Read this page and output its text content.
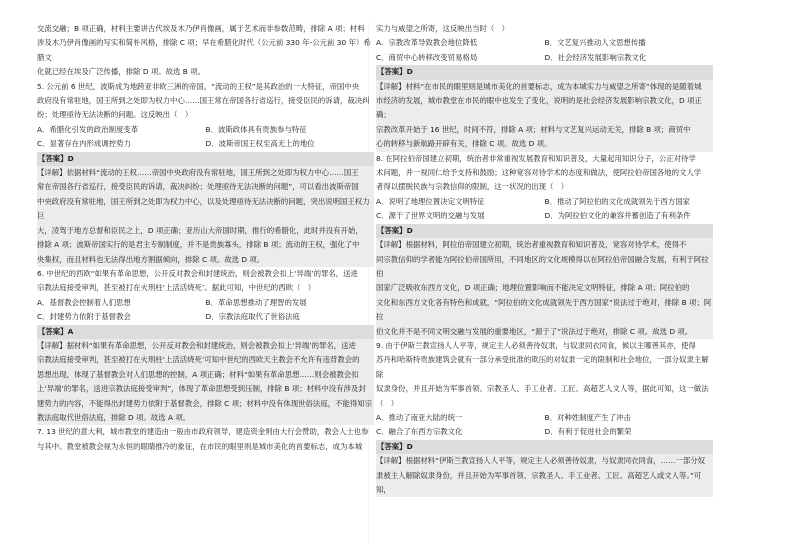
交流交融；B 项正确，材料主要讲古代埃及木乃伊肖像画，属于艺术而非参数范畴，排除 A 项；材料

涉及木乃伊肖像画的写实和简朴风格，排除 C 项；早在希腊化时代（公元前 330 年-公元前 30 年）希腊文

化就已经在埃及广泛传播，排除 D 项。故选 B 项。

5. 公元前 6 世纪，波斯成为地跨亚非欧三洲的帝国。“流动的王权”是其政治的一大特征，帝国中央

政府没有常驻地，国王所到之处即为权力中心……国王常在帝国各行省巡行，接受臣民的诉请，裁决纠

纷；处理亟待无法决断的问题。这反映出（　）

A．希腊化引发的政治制度变革	B．波斯政体具有贵族参与特征
C．显著存在内形成调控势力	D．波斯帝国王权至高无上的地位

【答案】D

【详解】依据材料“流动的王权……帝国中央政府没有常驻地，国王所到之处即为权力中心……国王

常在帝国各行省巡行，接受臣民的诉请，裁决纠纷；处理亟待无法决断的问题”，可以看出波斯帝国

中央政府没有常驻地，国王所到之处即为权力中心，以及处理亟待无法决断的问题，突出说明国王权力巨

大，凌驾于地方总督和臣民之上，D 项正确；亚历山大帝国时期，推行的希腊化，此时并没有开始，

排除 A 项；波斯帝国实行的是君主专制制度，并不是贵族寡头，排除 B 项；流动的王权，强化了中

央集权，而且材料也无法得出地方割据倾向，排除 C 项。故选 D 项。

6. 中世纪的西欧“如果有革命思想，公开反对教会和封建统治，则会被教会扣上‘异端’的罪名，送进

宗教法庭接受审判，甚至被打在火刑柱‘上活活烧死’。据此可知，中世纪的西欧（　）

A．基督教会控制着人们思想	B．革命思想推动了理智的发展
C．封建势力依附于基督教会	D．宗教法庭取代了世俗法庭

【答案】A

【详解】据材料“如果有革命思想，公开反对教会和封建统治，则会被教会扣上‘异端’的罪名，送进

宗教法庭接受审判，甚至被打在火刑柱‘上活活烧死’可知中世纪的西欧天主教会不允许有违背教会的

思想出现，体现了基督教会对人们思想的控制，A 项正确；材料“如果有革命思想……则会被教会扣

上‘异端’的罪名，送进宗教法庭接受审判”，体现了革命思想受到压制，排除 B 项；材料中没有涉及封

建势力的内容，不能得出封建势力依附于基督教会，排除 C 项；材料中没有体现世俗法庭，不能得知宗

教法庭取代世俗法庭，排除 D 项。故选 A 项。

7. 13 世纪的意大利，城市教堂的建造由一般由市政府领导，建造资金则由大行会赞助，教会人士也参

与其中。教堂被教会视为永恒的眼睛推冷的象征，在市民的眼里则是城市美化的首要标志，成为本城

实力与威望之所寄，这反映出当时（　）

A．宗教改革导致教会地位降低	B．文艺复兴推动人文思想传播
C．商贸中心转移改变贸易格局	D．社会经济发展影响宗教文化

【答案】D

【详解】材料“在市民的眼里则是城市美化的首要标志，成为本城实力与威望之所寄”体现的是随着城

市经济的发展，城市教堂在市民的眼中也发生了变化，说明的是社会经济发展影响宗教文化，D 项正确；

宗教改革开始于 16 世纪，时间不符，排除 A 项；材料与文艺复兴运动无关，排除 B 项；商贸中

心的转移与新航路开辟有关，排除 C 项。故选 D 项。

8. 在阿拉伯帝国建立初期，统治者非常重视发展教育和知识普及，大量起用知识分子，公正对待学

术问题，并一视同仁给予支持和鼓励；这种宽容对待学术的态度和做法，使阿拉伯帝国各地的文人学

者得以摆脱民族与宗教信仰的限制，这一状况的出现（　）

A．说明了地理位置决定文明特征	B．推动了阿拉伯的文化成就领先于西方国家
C．源于了世界文明的交融与发展	D．为阿拉伯文化的兼容并蓄创造了有利条件

【答案】D

【详解】根据材料，阿拉伯帝国建立初期，统治者重视教育和知识普及，宽容对待学术，使得不

同宗教信仰的学者能为阿拉伯帝国所用，不同地区的文化规模得以在阿拉伯帝国融合发展，有利于阿拉伯

国家广泛吸收东西方文化，D 项正确；地理位置影响而不能决定文明特征，排除 A 项；阿拉伯的

文化和东西方文化各有特色和成就，“阿拉伯的文化成就领先于西方国家”说法过于绝对，排除 B 项；阿拉

伯文化并不是不同文明交融与发展的重要地区，“源于了”说法过于绝对，排除 C 项。故选 D 项。

9. 由于伊斯兰教宣扬人人平等，规定主人必须善待奴隶，与奴隶同衣同食，候以主哪善其亦，使得

苏丹和哈斯特贵族建筑会就有一部分承受批准的欺压的对奴隶一定的限制和社会地位，一部分奴隶主解除

奴隶身份，并且开始为军事首领、宗教圣人、手工业者、工匠、高超艺人文人等，据此可知，这一做法

（　）

A．推动了南亚大陆的统一	B．对种姓制度产生了冲击
C．融合了东西方宗教文化	D．有利于促进社会的繁荣

【答案】D

【详解】根据材料“伊斯兰教宣扬人人平等，规定主人必须善待奴隶，与奴隶同衣同食，……一部分奴

隶被主人解除奴隶身份，并且开始为军事首领、宗教圣人、手工业者、工匠、高超艺人或文人等。”可知，
